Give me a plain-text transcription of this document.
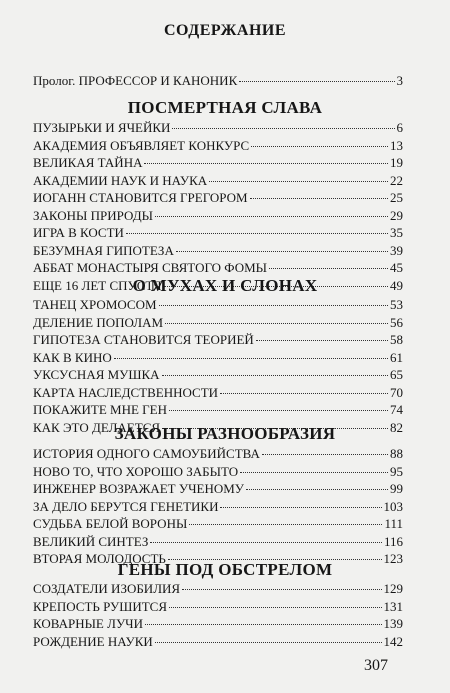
СОДЕРЖАНИЕ
Пролог. ПРОФЕССОР И КАНОНИК	3
ПОСМЕРТНАЯ СЛАВА
ПУЗЫРЬКИ И ЯЧЕЙКИ	6
АКАДЕМИЯ ОБЪЯВЛЯЕТ КОНКУРС	13
ВЕЛИКАЯ ТАЙНА	19
АКАДЕМИИ НАУК И НАУКА	22
ИОГАНН СТАНОВИТСЯ ГРЕГОРОМ	25
ЗАКОНЫ ПРИРОДЫ	29
ИГРА В КОСТИ	35
БЕЗУМНАЯ ГИПОТЕЗА	39
АББАТ МОНАСТЫРЯ СВЯТОГО ФОМЫ	45
ЕЩЕ 16 ЛЕТ СПУСТЯ	49
О МУХАХ И СЛОНАХ
ТАНЕЦ ХРОМОСОМ	53
ДЕЛЕНИЕ ПОПОЛАМ	56
ГИПОТЕЗА СТАНОВИТСЯ ТЕОРИЕЙ	58
КАК В КИНО	61
УКСУСНАЯ МУШКА	65
КАРТА НАСЛЕДСТВЕННОСТИ	70
ПОКАЖИТЕ МНЕ ГЕН	74
КАК ЭТО ДЕЛАЕТСЯ	82
ЗАКОНЫ РАЗНООБРАЗИЯ
ИСТОРИЯ ОДНОГО САМОУБИЙСТВА	88
НОВО ТО, ЧТО ХОРОШО ЗАБЫТО	95
ИНЖЕНЕР ВОЗРАЖАЕТ УЧЕНОМУ	99
ЗА ДЕЛО БЕРУТСЯ ГЕНЕТИКИ	103
СУДЬБА БЕЛОЙ ВОРОНЫ	111
ВЕЛИКИЙ СИНТЕЗ	116
ВТОРАЯ МОЛОДОСТЬ	123
ГЕНЫ ПОД ОБСТРЕЛОМ
СОЗДАТЕЛИ ИЗОБИЛИЯ	129
КРЕПОСТЬ РУШИТСЯ	131
КОВАРНЫЕ ЛУЧИ	139
РОЖДЕНИЕ НАУКИ	142
307
